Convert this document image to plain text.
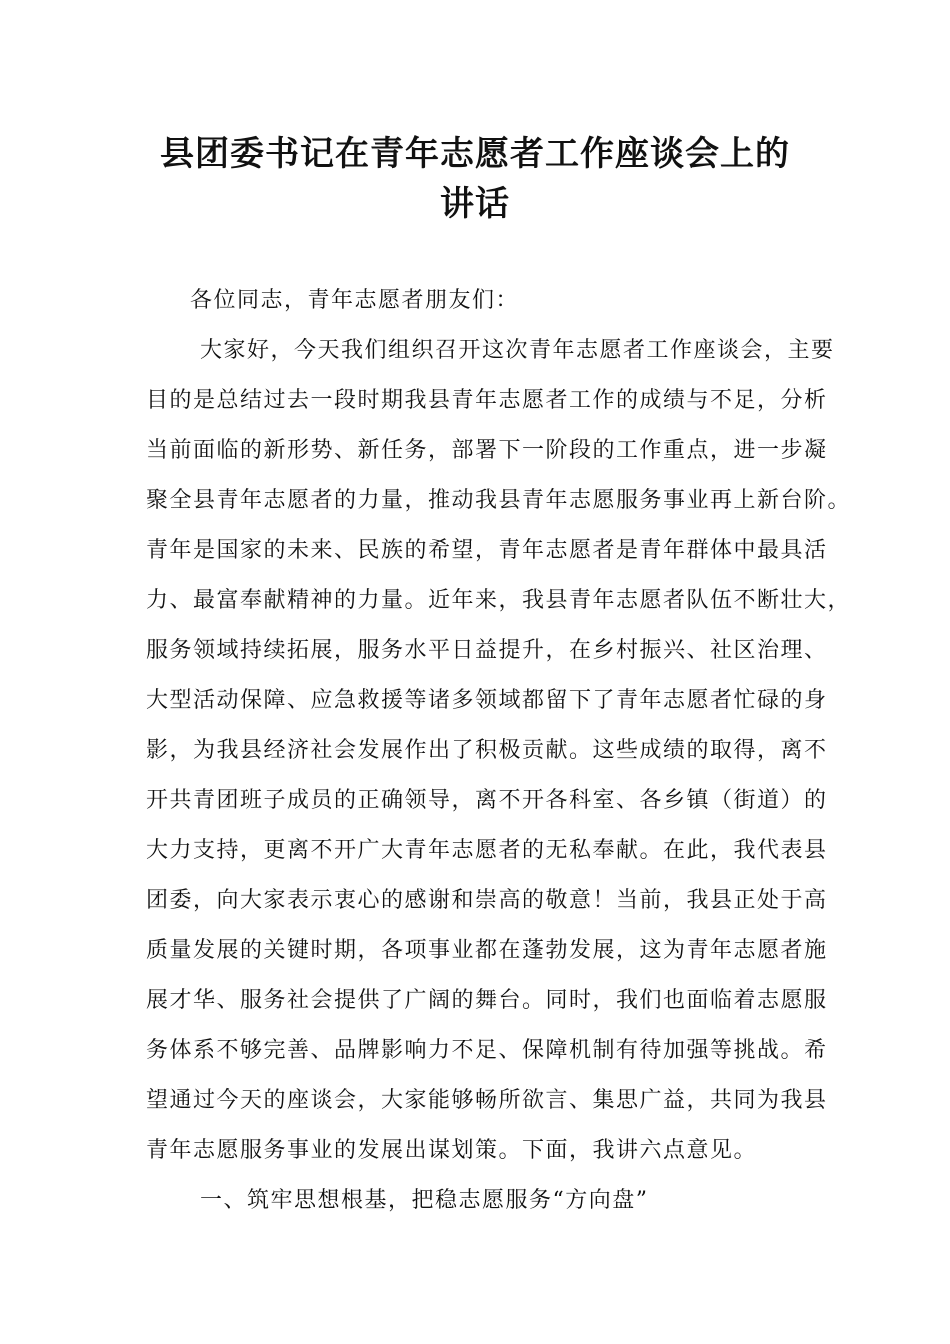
县团委书记在青年志愿者工作座谈会上的
讲话
各位同志，青年志愿者朋友们：
大家好，今天我们组织召开这次青年志愿者工作座谈会，主要
目的是总结过去一段时期我县青年志愿者工作的成绩与不足，分析
当前面临的新形势、新任务，部署下一阶段的工作重点，进一步凝
聚全县青年志愿者的力量，推动我县青年志愿服务事业再上新台阶。
青年是国家的未来、民族的希望，青年志愿者是青年群体中最具活
力、最富奉献精神的力量。近年来，我县青年志愿者队伍不断壮大，
服务领域持续拓展，服务水平日益提升，在乡村振兴、社区治理、
大型活动保障、应急救援等诸多领域都留下了青年志愿者忙碌的身
影，为我县经济社会发展作出了积极贡献。这些成绩的取得，离不
开共青团班子成员的正确领导，离不开各科室、各乡镇（街道）的
大力支持，更离不开广大青年志愿者的无私奉献。在此，我代表县
团委，向大家表示衷心的感谢和崇高的敬意！当前，我县正处于高
质量发展的关键时期，各项事业都在蓬勃发展，这为青年志愿者施
展才华、服务社会提供了广阔的舞台。同时，我们也面临着志愿服
务体系不够完善、品牌影响力不足、保障机制有待加强等挑战。希
望通过今天的座谈会，大家能够畅所欲言、集思广益，共同为我县
青年志愿服务事业的发展出谋划策。下面，我讲六点意见。
一、筑牢思想根基，把稳志愿服务“方向盘”
